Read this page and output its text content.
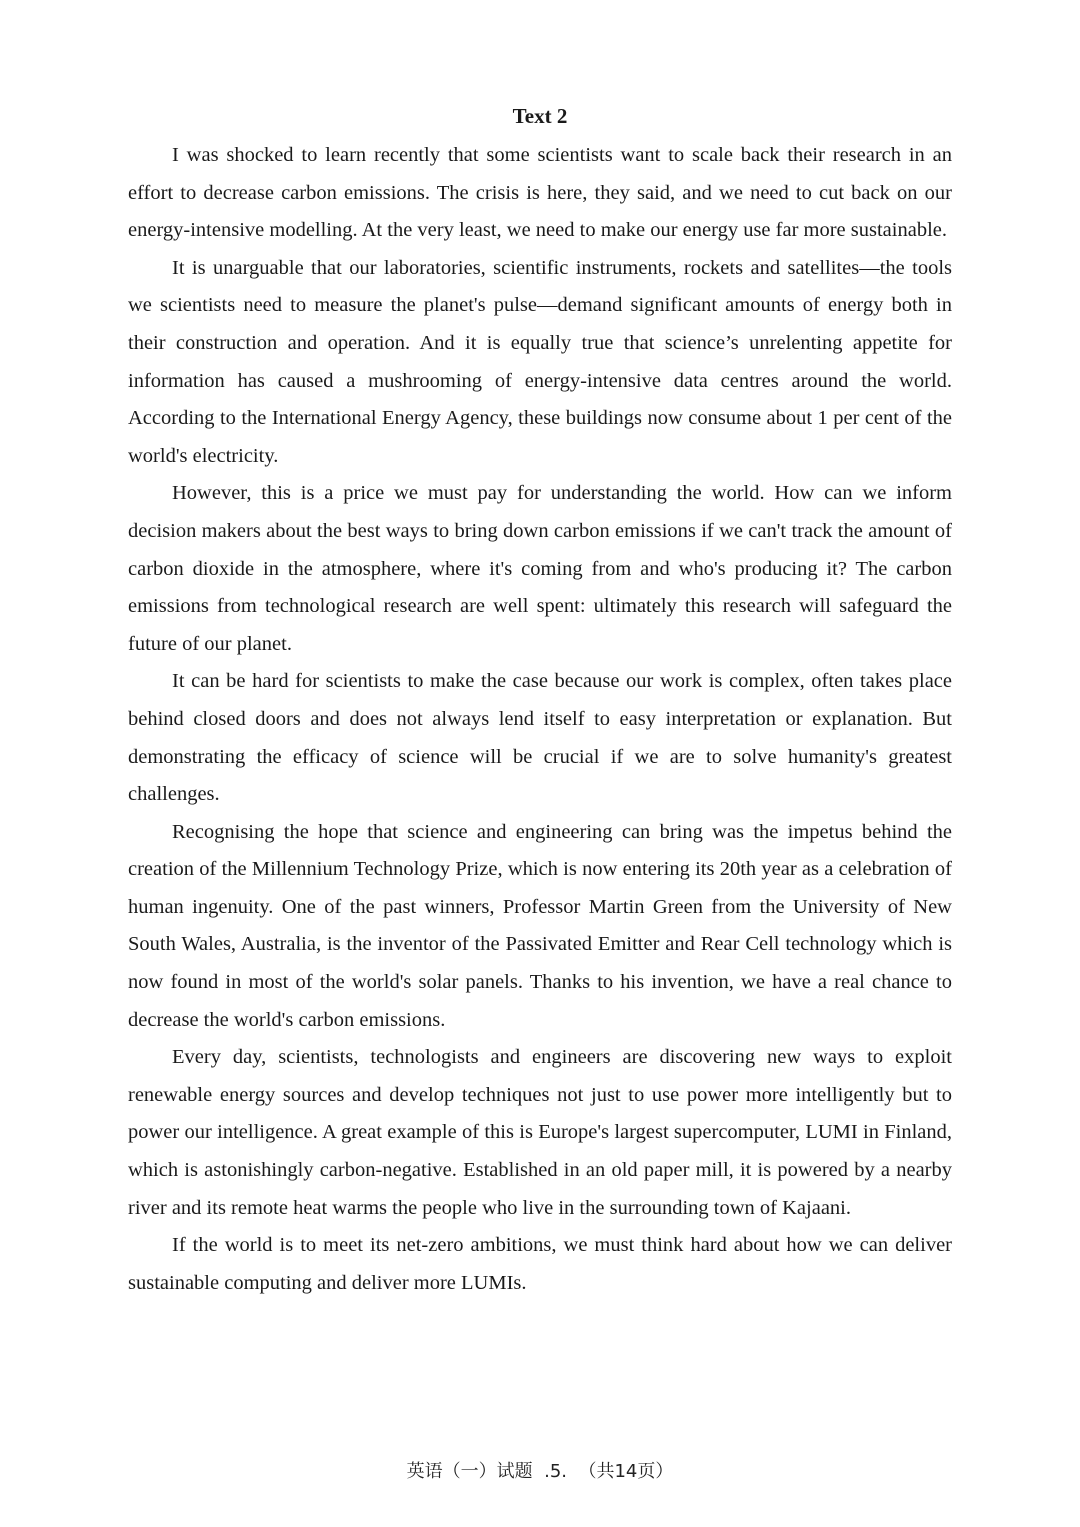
Text 2

I was shocked to learn recently that some scientists want to scale back their research in an effort to decrease carbon emissions. The crisis is here, they said, and we need to cut back on our energy-intensive modelling. At the very least, we need to make our energy use far more sustainable.

It is unarguable that our laboratories, scientific instruments, rockets and satellites—the tools we scientists need to measure the planet's pulse—demand significant amounts of energy both in their construction and operation. And it is equally true that science’s unrelenting appetite for information has caused a mushrooming of energy-intensive data centres around the world. According to the International Energy Agency, these buildings now consume about 1 per cent of the world's electricity.

However, this is a price we must pay for understanding the world. How can we inform decision makers about the best ways to bring down carbon emissions if we can't track the amount of carbon dioxide in the atmosphere, where it's coming from and who's producing it? The carbon emissions from technological research are well spent: ultimately this research will safeguard the future of our planet.

It can be hard for scientists to make the case because our work is complex, often takes place behind closed doors and does not always lend itself to easy interpretation or explanation. But demonstrating the efficacy of science will be crucial if we are to solve humanity's greatest challenges.

Recognising the hope that science and engineering can bring was the impetus behind the creation of the Millennium Technology Prize, which is now entering its 20th year as a celebration of human ingenuity. One of the past winners, Professor Martin Green from the University of New South Wales, Australia, is the inventor of the Passivated Emitter and Rear Cell technology which is now found in most of the world's solar panels. Thanks to his invention, we have a real chance to decrease the world's carbon emissions.

Every day, scientists, technologists and engineers are discovering new ways to exploit renewable energy sources and develop techniques not just to use power more intelligently but to power our intelligence. A great example of this is Europe's largest supercomputer, LUMI in Finland, which is astonishingly carbon-negative. Established in an old paper mill, it is powered by a nearby river and its remote heat warms the people who live in the surrounding town of Kajaani.

If the world is to meet its net-zero ambitions, we must think hard about how we can deliver sustainable computing and deliver more LUMIs.

英语（一）试题  .5.  （共14页）
